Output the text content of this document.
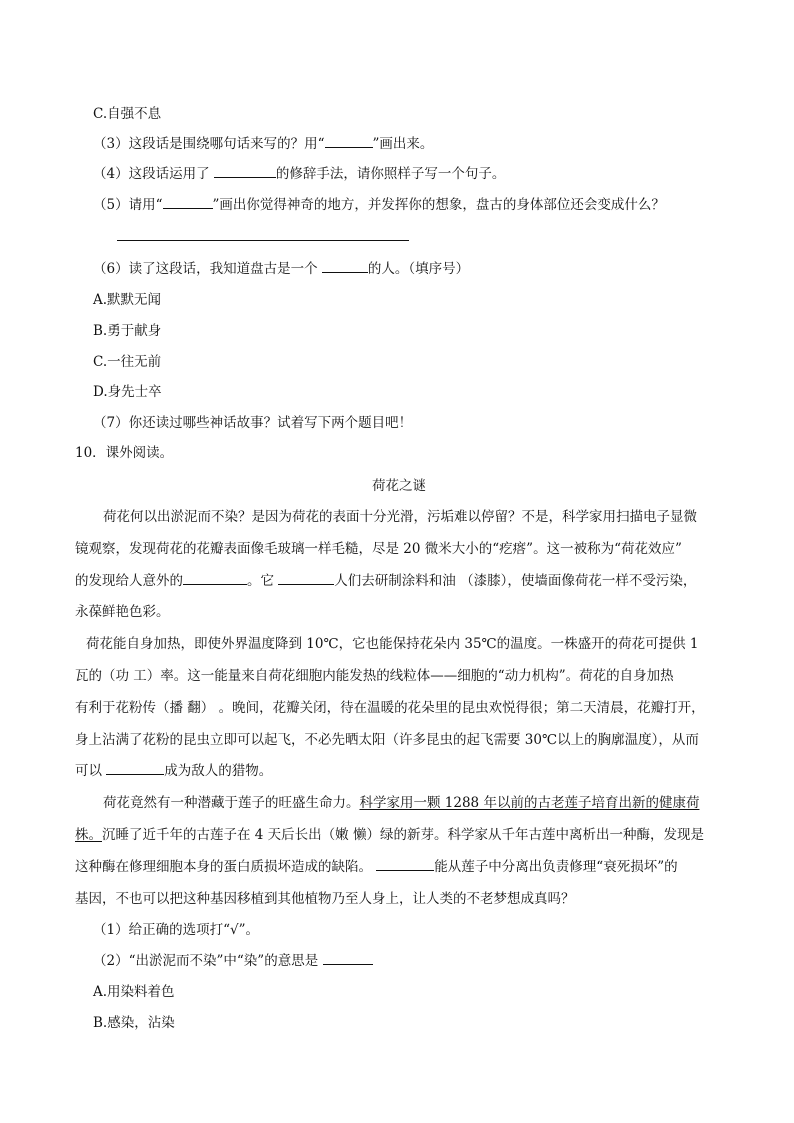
C.自强不息
（3）这段话是围绕哪句话来写的？用“	”画出来。
（4）这段话运用了	的修辞手法，请你照样子写一个句子。
（5）请用“	”画出你觉得神奇的地方，并发挥你的想象，盘古的身体部位还会变成什么？
（6）读了这段话，我知道盘古是一个	的人。（填序号）
A.默默无闻
B.勇于献身
C.一往无前
D.身先士卒
（7）你还读过哪些神话故事？试着写下两个题目吧！
10．课外阅读。
荷花之谜
荷花何以出淤泥而不染？是因为荷花的表面十分光滑，污垢难以停留？不是，科学家用扫描电子显微
镜观察，发现荷花的花瓣表面像毛玻璃一样毛糙，尽是 20 微米大小的“疙瘩”。这一被称为“荷花效应”
的发现给人意外的	。它	人们去研制涂料和油 （漆膝），使墙面像荷花一样不受污染，
永葆鲜艳色彩。
荷花能自身加热，即使外界温度降到 10℃，它也能保持花朵内 35℃的温度。一株盛开的荷花可提供 1
瓦的（功 工）率。这一能量来自荷花细胞内能发热的线粒体——细胞的“动力机构”。荷花的自身加热
有利于花粉传（播 翻） 。晚间，花瓣关闭，待在温暖的花朵里的昆虫欢悦得很；第二天清晨，花瓣打开，
身上沾满了花粉的昆虫立即可以起飞，不必先晒太阳（许多昆虫的起飞需要 30℃以上的胸廓温度），从而
可以	成为敌人的猎物。
荷花竟然有一种潜藏于莲子的旺盛生命力。科学家用一颗 1288 年以前的古老莲子培育出新的健康荷
株。沉睡了近千年的古莲子在 4 天后长出（嫩 懒）绿的新芽。科学家从千年古莲中离析出一种酶，发现是
这种酶在修理细胞本身的蛋白质损坏造成的缺陷。	能从莲子中分离出负责修理“衰死损坏”的
基因，不也可以把这种基因移植到其他植物乃至人身上，让人类的不老梦想成真吗？
（1）给正确的选项打“√”。
（2）“出淤泥而不染”中“染”的意思是
A.用染料着色
B.感染，沾染
